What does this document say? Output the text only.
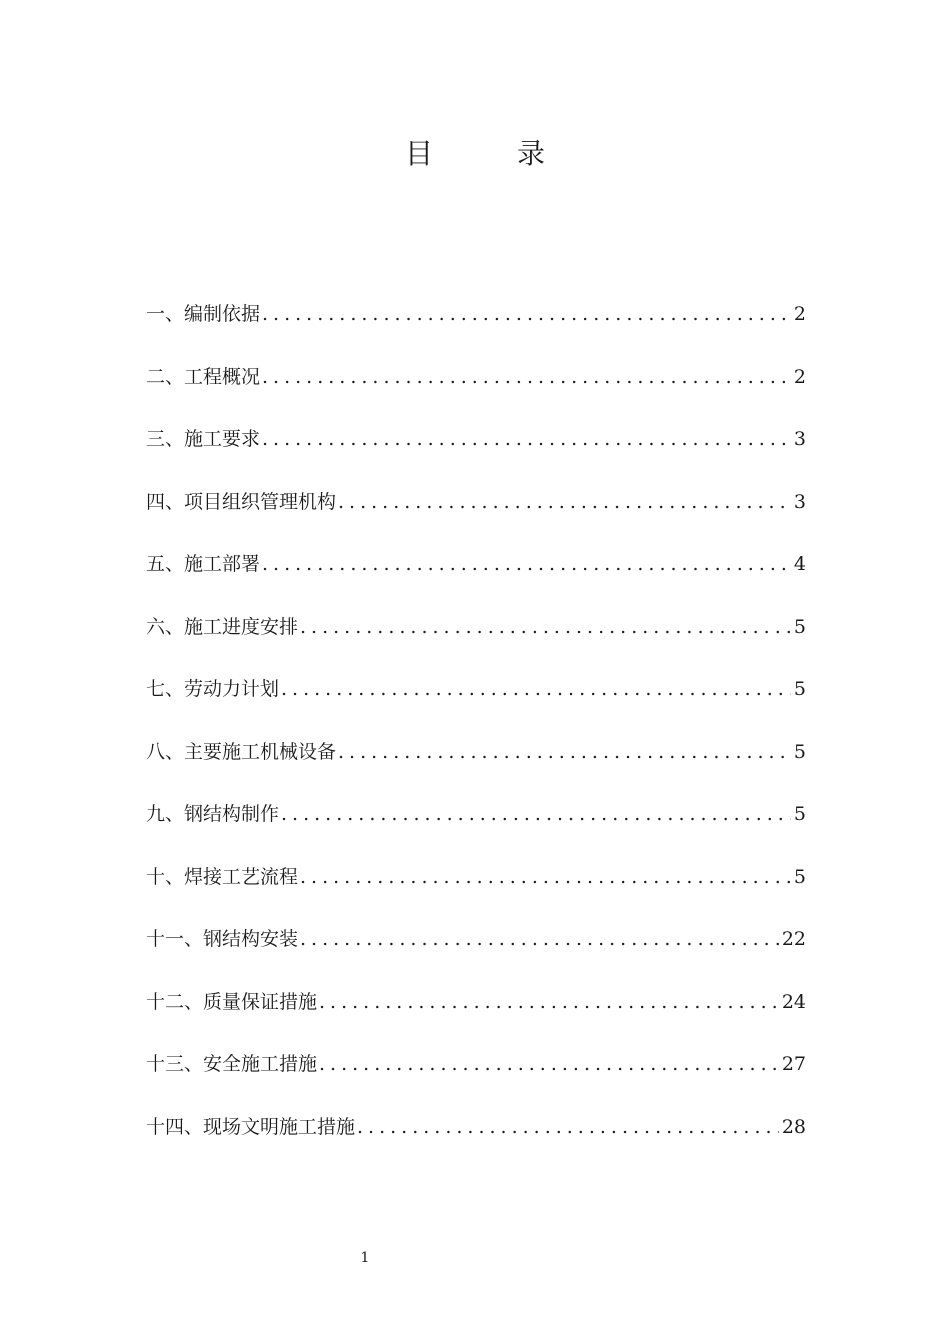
目　　　录
一、编制依据 .....	2
二、工程概况 .....	2
三、施工要求 .....	3
四、项目组织管理机构 .....	3
五、施工部署 .....	4
六、施工进度安排 .....	5
七、劳动力计划 .....	5
八、主要施工机械设备 .....	5
九、钢结构制作 .....	5
十、焊接工艺流程 .....	5
十一、钢结构安装 .....	22
十二、质量保证措施 .....	24
十三、安全施工措施 .....	27
十四、现场文明施工措施 .....	28
1
